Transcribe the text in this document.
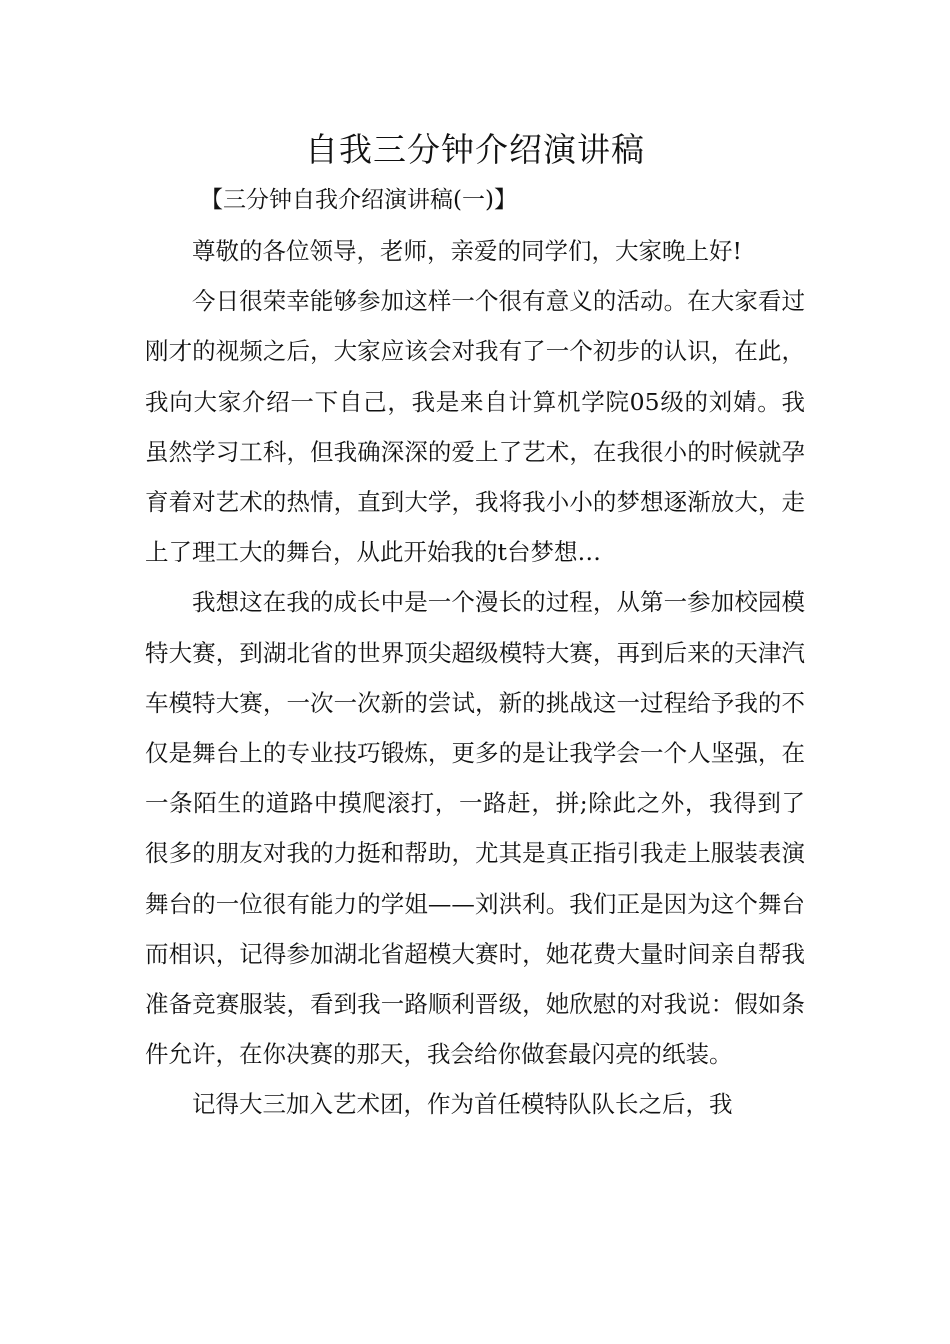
自我三分钟介绍演讲稿

【三分钟自我介绍演讲稿(一)】

尊敬的各位领导，老师，亲爱的同学们，大家晚上好!

今日很荣幸能够参加这样一个很有意义的活动。在大家看过刚才的视频之后，大家应该会对我有了一个初步的认识，在此，我向大家介绍一下自己，我是来自计算机学院05级的刘婧。我虽然学习工科，但我确深深的爱上了艺术，在我很小的时候就孕育着对艺术的热情，直到大学，我将我小小的梦想逐渐放大，走上了理工大的舞台，从此开始我的t台梦想…

我想这在我的成长中是一个漫长的过程，从第一参加校园模特大赛，到湖北省的世界顶尖超级模特大赛，再到后来的天津汽车模特大赛，一次一次新的尝试，新的挑战这一过程给予我的不仅是舞台上的专业技巧锻炼，更多的是让我学会一个人坚强，在一条陌生的道路中摸爬滚打，一路赶，拼;除此之外，我得到了很多的朋友对我的力挺和帮助，尤其是真正指引我走上服装表演舞台的一位很有能力的学姐——刘洪利。我们正是因为这个舞台而相识，记得参加湖北省超模大赛时，她花费大量时间亲自帮我准备竞赛服装，看到我一路顺利晋级，她欣慰的对我说：假如条件允许，在你决赛的那天，我会给你做套最闪亮的纸装。

记得大三加入艺术团，作为首任模特队队长之后，我
